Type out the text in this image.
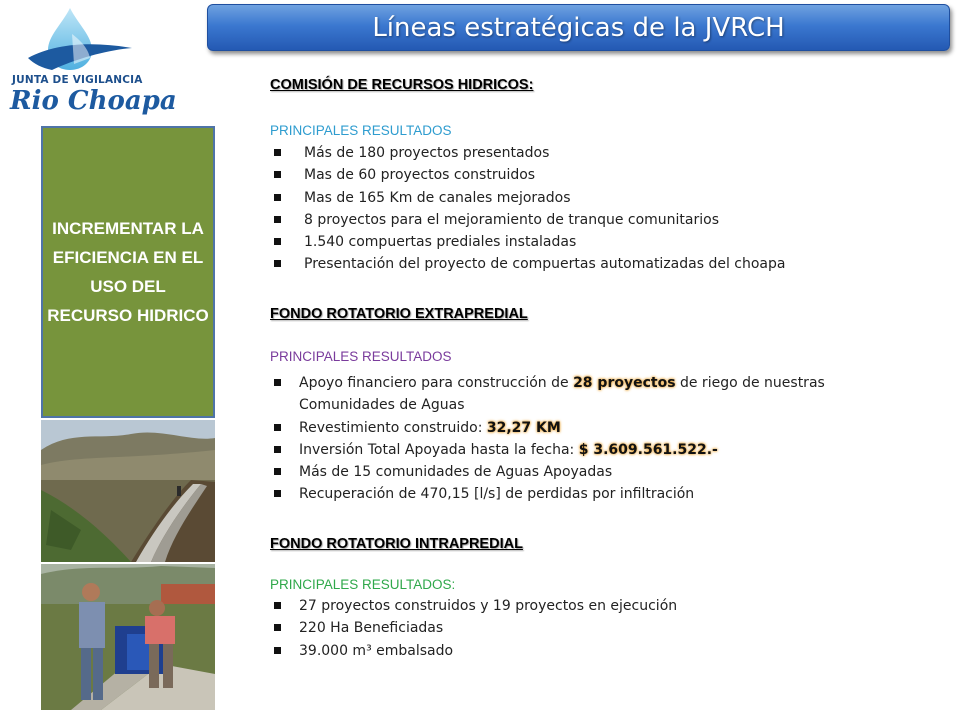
JUNTA DE VIGILANCIA
Rio Choapa
Líneas estratégicas de la JVRCH
INCREMENTAR LA EFICIENCIA EN EL USO DEL RECURSO HIDRICO
COMISIÓN DE RECURSOS HIDRICOS:
PRINCIPALES RESULTADOS
Más de 180 proyectos presentados
Mas de 60 proyectos construidos
Mas de 165 Km de canales mejorados
8 proyectos para el mejoramiento de tranque comunitarios
1.540 compuertas prediales instaladas
Presentación del proyecto de compuertas automatizadas del choapa
FONDO ROTATORIO EXTRAPREDIAL
PRINCIPALES RESULTADOS
Apoyo financiero para construcción de 28 proyectos de riego de nuestras Comunidades de Aguas
Revestimiento construido: 32,27 KM
Inversión Total Apoyada hasta la fecha: $ 3.609.561.522.-
Más de 15 comunidades de Aguas Apoyadas
Recuperación de 470,15 [l/s] de perdidas por infiltración
FONDO ROTATORIO INTRAPREDIAL
PRINCIPALES RESULTADOS:
27 proyectos construidos y 19 proyectos en ejecución
220 Ha Beneficiadas
39.000 m³ embalsado
